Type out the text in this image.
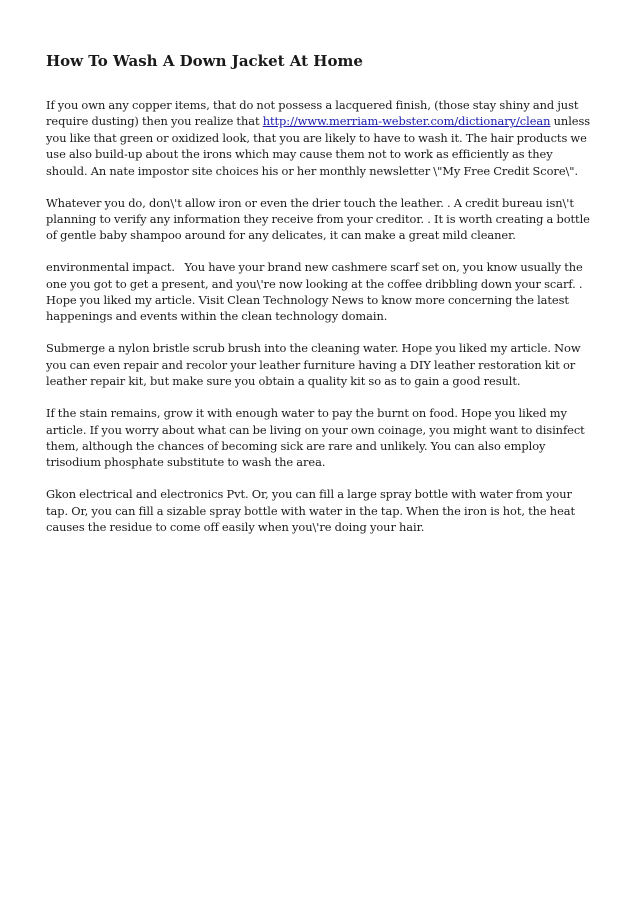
How To Wash A Down Jacket At Home

If you own any copper items, that do not possess a lacquered finish, (those stay shiny and just require dusting) then you realize that http://www.merriam-webster.com/dictionary/clean unless you like that green or oxidized look, that you are likely to have to wash it. The hair products we use also build-up about the irons which may cause them not to work as efficiently as they should. An nate impostor site choices his or her monthly newsletter \"My Free Credit Score\".

Whatever you do, don\'t allow iron or even the drier touch the leather. . A credit bureau isn\'t planning to verify any information they receive from your creditor. . It is worth creating a bottle of gentle baby shampoo around for any delicates, it can make a great mild cleaner.

environmental impact.   You have your brand new cashmere scarf set on, you know usually the one you got to get a present, and you\'re now looking at the coffee dribbling down your scarf. . Hope you liked my article. Visit Clean Technology News to know more concerning the latest happenings and events within the clean technology domain.

Submerge a nylon bristle scrub brush into the cleaning water. Hope you liked my article. Now you can even repair and recolor your leather furniture having a DIY leather restoration kit or leather repair kit, but make sure you obtain a quality kit so as to gain a good result.

If the stain remains, grow it with enough water to pay the burnt on food. Hope you liked my article. If you worry about what can be living on your own coinage, you might want to disinfect them, although the chances of becoming sick are rare and unlikely. You can also employ trisodium phosphate substitute to wash the area.

Gkon electrical and electronics Pvt. Or, you can fill a large spray bottle with water from your tap. Or, you can fill a sizable spray bottle with water in the tap. When the iron is hot, the heat causes the residue to come off easily when you\'re doing your hair.
